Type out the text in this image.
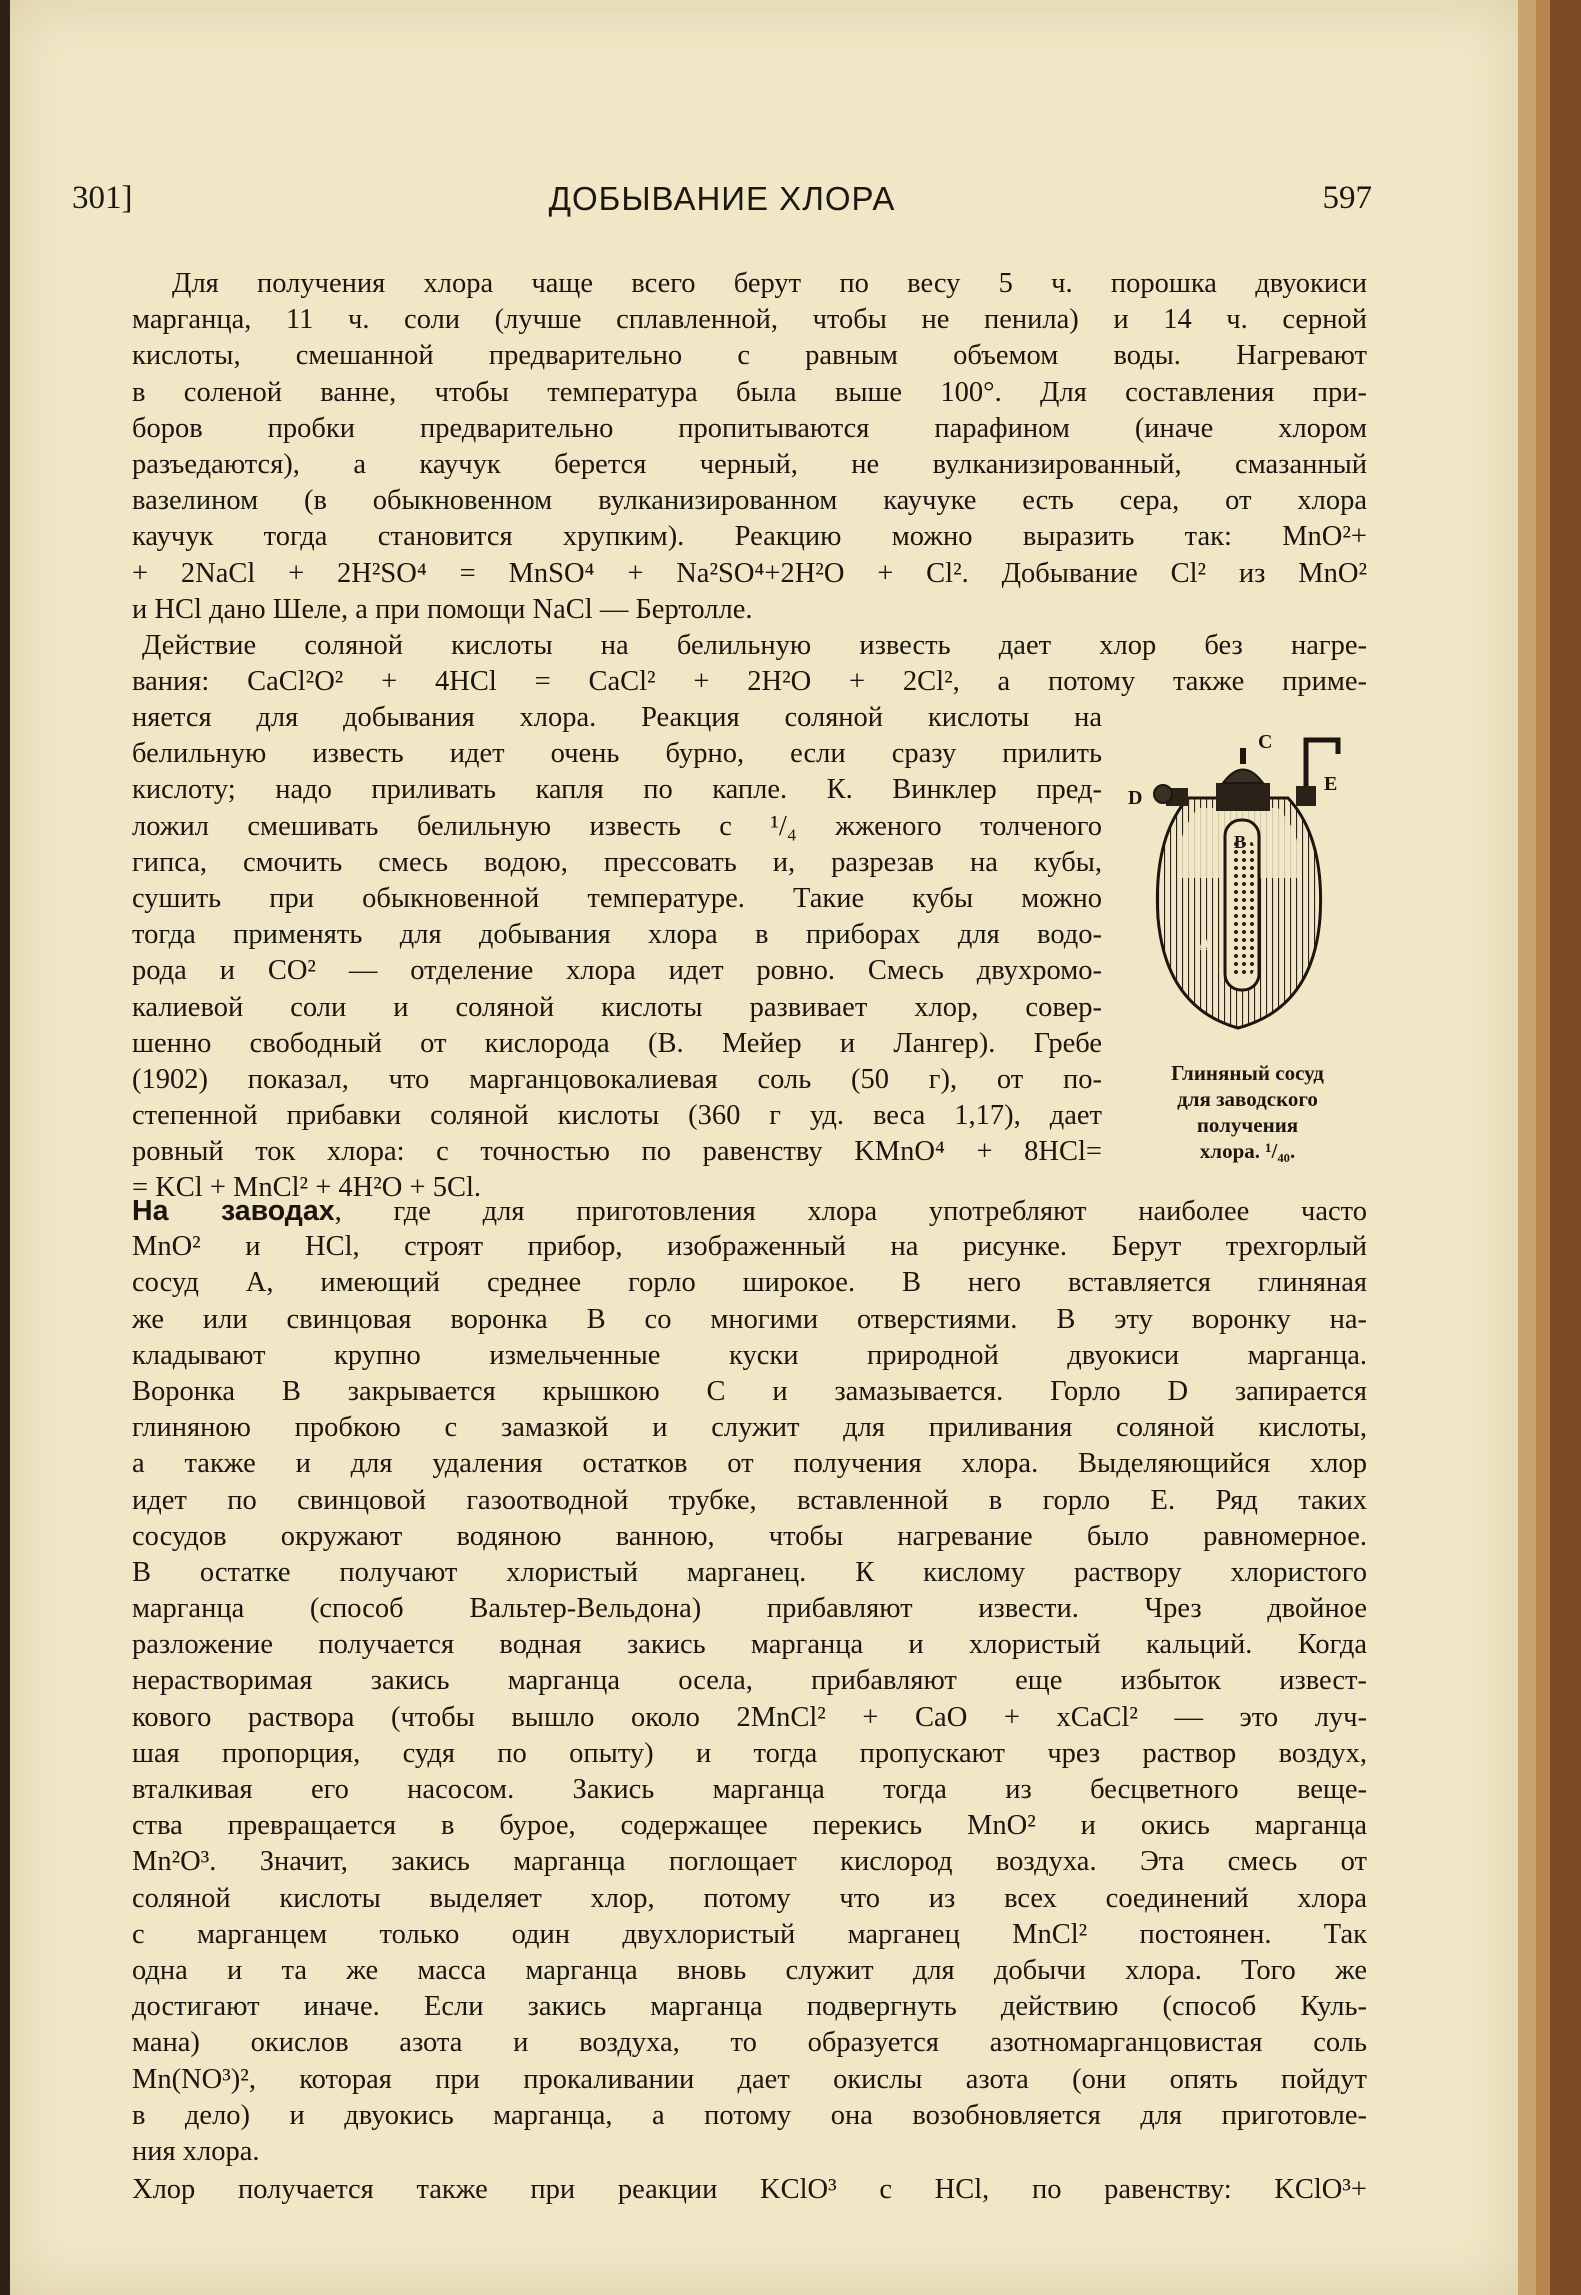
301]	ДОБЫВАНИЕ ХЛОРА	597
Для получения хлора чаще всего берут по весу 5 ч. порошка двуокиси
марганца, 11 ч. соли (лучше сплавленной, чтобы не пенила) и 14 ч. серной
кислоты, смешанной предварительно с равным объемом воды. Нагревают
в соленой ванне, чтобы температура была выше 100°. Для составления при-
боров пробки предварительно пропитываются парафином (иначе хлором
разъедаются), а каучук берется черный, не вулканизированный, смазанный
вазелином (в обыкновенном вулканизированном каучуке есть сера, от хлора
каучук тогда становится хрупким). Реакцию можно выразить так: MnO²+
+ 2NaCl + 2H²SO⁴ = MnSO⁴ + Na²SO⁴+2H²O + Cl². Добывание Cl² из MnO²
и HCl дано Шеле, а при помощи NaCl — Бертолле.
Действие соляной кислоты на белильную известь дает хлор без нагре-
вания: CaCl²O² + 4HCl = CaCl² + 2H²O + 2Cl², а потому также приме-
няется для добывания хлора. Реакция соляной кислоты на
белильную известь идет очень бурно, если сразу прилить
кислоту; надо приливать капля по капле. К. Винклер пред-
ложил смешивать белильную известь с ¹/₄ жженого толченого
гипса, смочить смесь водою, прессовать и, разрезав на кубы,
сушить при обыкновенной температуре. Такие кубы можно
тогда применять для добывания хлора в приборах для водо-
рода и CO² — отделение хлора идет ровно. Смесь двухромо-
калиевой соли и соляной кислоты развивает хлор, совер-
шенно свободный от кислорода (В. Мейер и Лангер). Гребе
(1902) показал, что марганцовокалиевая соль (50 г), от по-
степенной прибавки соляной кислоты (360 г уд. веса 1,17), дает
ровный ток хлора: с точностью по равенству KMnO⁴ + 8HCl=
= KCl + MnCl² + 4H²O + 5Cl.
C
D
E
B
A
Глиняный сосуд
для заводского
получения
хлора. ¹/₄₀.
На заводах, где для приготовления хлора употребляют наиболее часто
MnO² и HCl, строят прибор, изображенный на рисунке. Берут трехгорлый
сосуд A, имеющий среднее горло широкое. В него вставляется глиняная
же или свинцовая воронка B со многими отверстиями. В эту воронку на-
кладывают крупно измельченные куски природной двуокиси марганца.
Воронка B закрывается крышкою C и замазывается. Горло D запирается
глиняною пробкою с замазкой и служит для приливания соляной кислоты,
а также и для удаления остатков от получения хлора. Выделяющийся хлор
идет по свинцовой газоотводной трубке, вставленной в горло E. Ряд таких
сосудов окружают водяною ванною, чтобы нагревание было равномерное.
В остатке получают хлористый марганец. К кислому раствору хлористого
марганца (способ Вальтер-Вельдона) прибавляют извести. Чрез двойное
разложение получается водная закись марганца и хлористый кальций. Когда
нерастворимая закись марганца осела, прибавляют еще избыток извест-
кового раствора (чтобы вышло около 2MnCl² + CaO + xCaCl² — это луч-
шая пропорция, судя по опыту) и тогда пропускают чрез раствор воздух,
вталкивая его насосом. Закись марганца тогда из бесцветного веще-
ства превращается в бурое, содержащее перекись MnO² и окись марганца
Mn²O³. Значит, закись марганца поглощает кислород воздуха. Эта смесь от
соляной кислоты выделяет хлор, потому что из всех соединений хлора
с марганцем только один двухлористый марганец MnCl² постоянен. Так
одна и та же масса марганца вновь служит для добычи хлора. Того же
достигают иначе. Если закись марганца подвергнуть действию (способ Куль-
мана) окислов азота и воздуха, то образуется азотномарганцовистая соль
Mn(NO³)², которая при прокаливании дает окислы азота (они опять пойдут
в дело) и двуокись марганца, а потому она возобновляется для приготовле-
ния хлора.
Хлор получается также при реакции KClO³ с HCl, по равенству: KClO³+
